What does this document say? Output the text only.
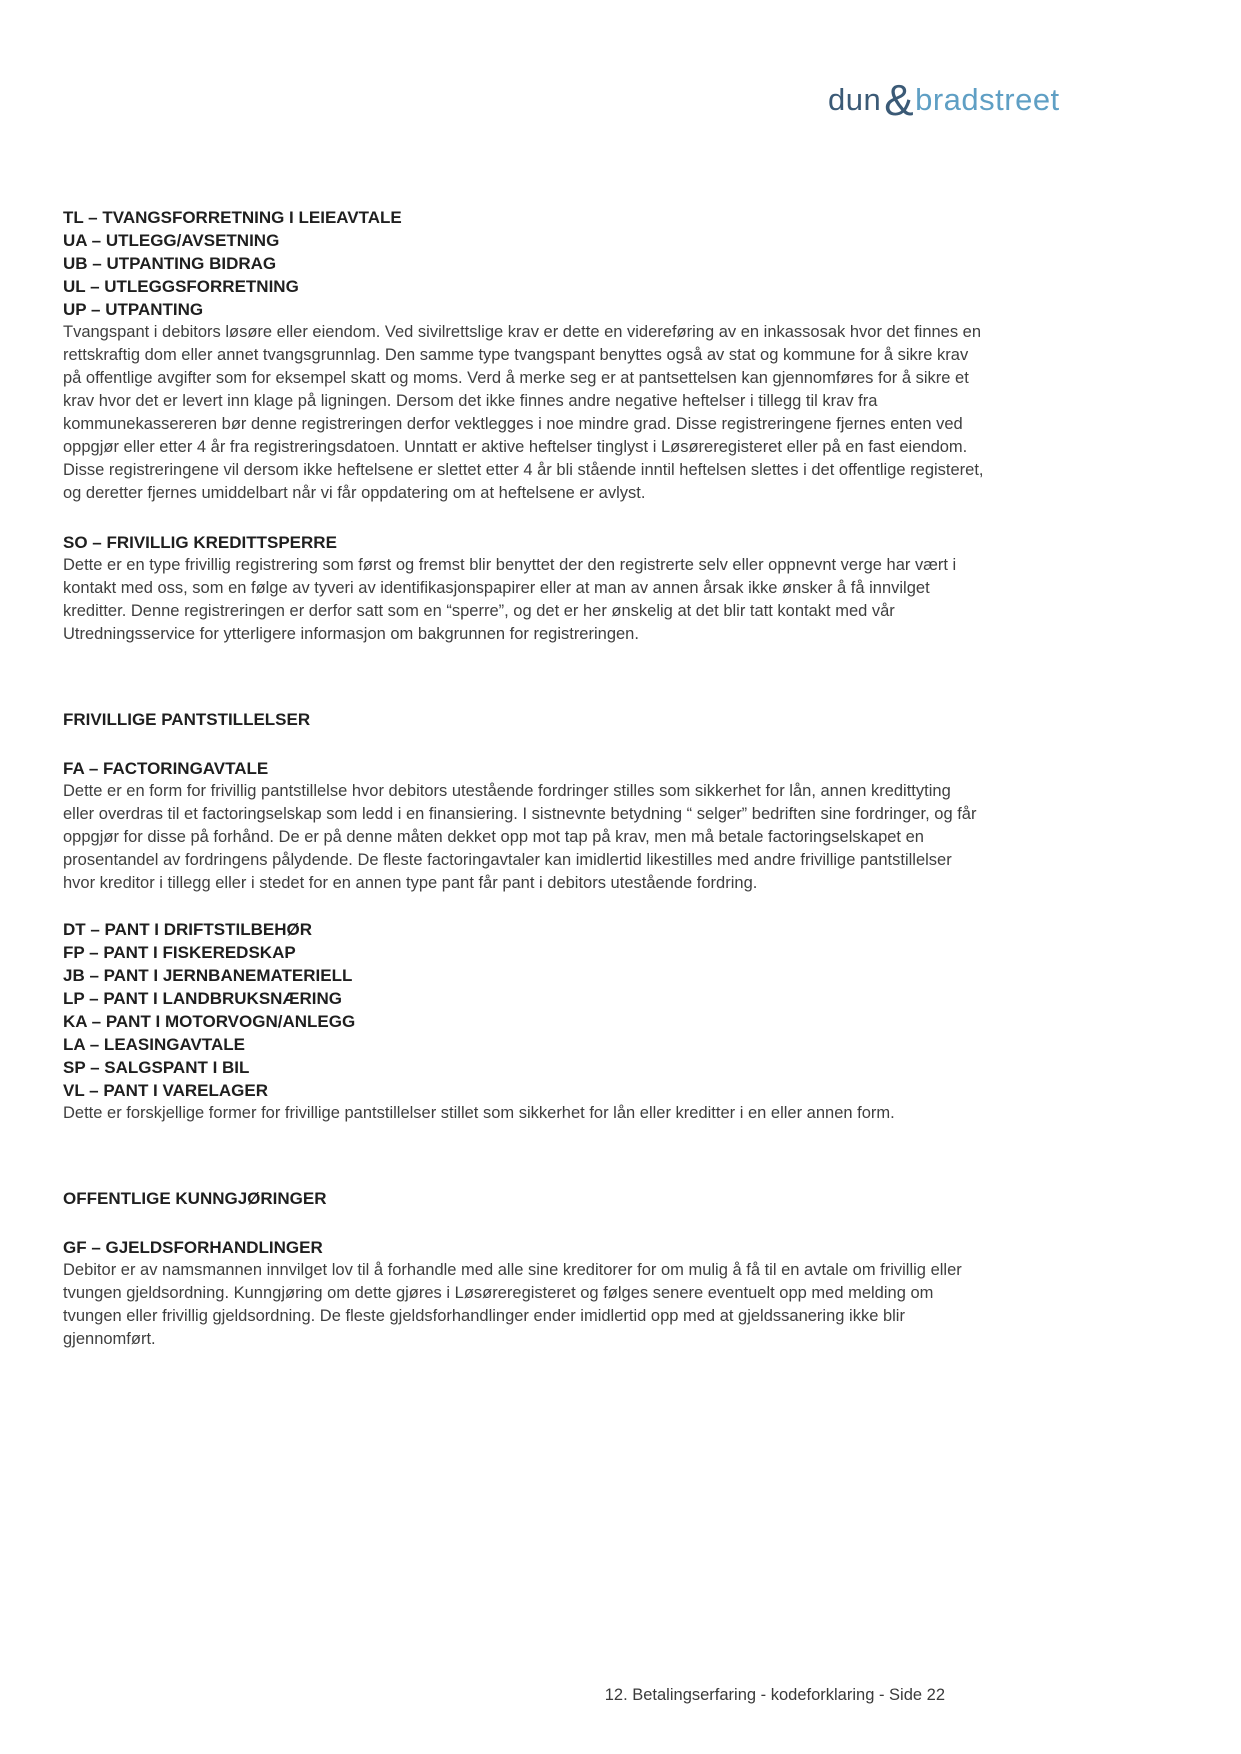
dun&bradstreet
TL – TVANGSFORRETNING I LEIEAVTALE
UA – UTLEGG/AVSETNING
UB – UTPANTING BIDRAG
UL – UTLEGGSFORRETNING
UP – UTPANTING
Tvangspant i debitors løsøre eller eiendom. Ved sivilrettslige krav er dette en videreføring av en inkassosak hvor det finnes en rettskraftig dom eller annet tvangsgrunnlag. Den samme type tvangspant benyttes også av stat og kommune for å sikre krav på offentlige avgifter som for eksempel skatt og moms. Verd å merke seg er at pantsettelsen kan gjennomføres for å sikre et krav hvor det er levert inn klage på ligningen. Dersom det ikke finnes andre negative heftelser i tillegg til krav fra kommunekassereren bør denne registreringen derfor vektlegges i noe mindre grad. Disse registreringene fjernes enten ved oppgjør eller etter 4 år fra registreringsdatoen. Unntatt er aktive heftelser tinglyst i Løsøreregisteret eller på en fast eiendom. Disse registreringene vil dersom ikke heftelsene er slettet etter 4 år bli stående inntil heftelsen slettes i det offentlige registeret, og deretter fjernes umiddelbart når vi får oppdatering om at heftelsene er avlyst.
SO – FRIVILLIG KREDITTSPERRE
Dette er en type frivillig registrering som først og fremst blir benyttet der den registrerte selv eller oppnevnt verge har vært i kontakt med oss, som en følge av tyveri av identifikasjonspapirer eller at man av annen årsak ikke ønsker å få innvilget kreditter. Denne registreringen er derfor satt som en “sperre”, og det er her ønskelig at det blir tatt kontakt med vår Utredningsservice for ytterligere informasjon om bakgrunnen for registreringen.
FRIVILLIGE PANTSTILLELSER
FA – FACTORINGAVTALE
Dette er en form for frivillig pantstillelse hvor debitors utestående fordringer stilles som sikkerhet for lån, annen kredittyting eller overdras til et factoringselskap som ledd i en finansiering. I sistnevnte betydning “ selger” bedriften sine fordringer, og får oppgjør for disse på forhånd. De er på denne måten dekket opp mot tap på krav, men må betale factoringselskapet en prosentandel av fordringens pålydende. De fleste factoringavtaler kan imidlertid likestilles med andre frivillige pantstillelser hvor kreditor i tillegg eller i stedet for en annen type pant får pant i debitors utestående fordring.
DT – PANT I DRIFTSTILBEHØR
FP – PANT I FISKEREDSKAP
JB – PANT I JERNBANEMATERIELL
LP – PANT I LANDBRUKSNÆRING
KA – PANT I MOTORVOGN/ANLEGG
LA – LEASINGAVTALE
SP – SALGSPANT I BIL
VL – PANT I VARELAGER
Dette er forskjellige former for frivillige pantstillelser stillet som sikkerhet for lån eller kreditter i en eller annen form.
OFFENTLIGE KUNNGJØRINGER
GF – GJELDSFORHANDLINGER
Debitor er av namsmannen innvilget lov til å forhandle med alle sine kreditorer for om mulig å få til en avtale om frivillig eller tvungen gjeldsordning. Kunngjøring om dette gjøres i Løsøreregisteret og følges senere eventuelt opp med melding om tvungen eller frivillig gjeldsordning. De fleste gjeldsforhandlinger ender imidlertid opp med at gjeldssanering ikke blir gjennomført.
12. Betalingserfaring - kodeforklaring - Side 22
